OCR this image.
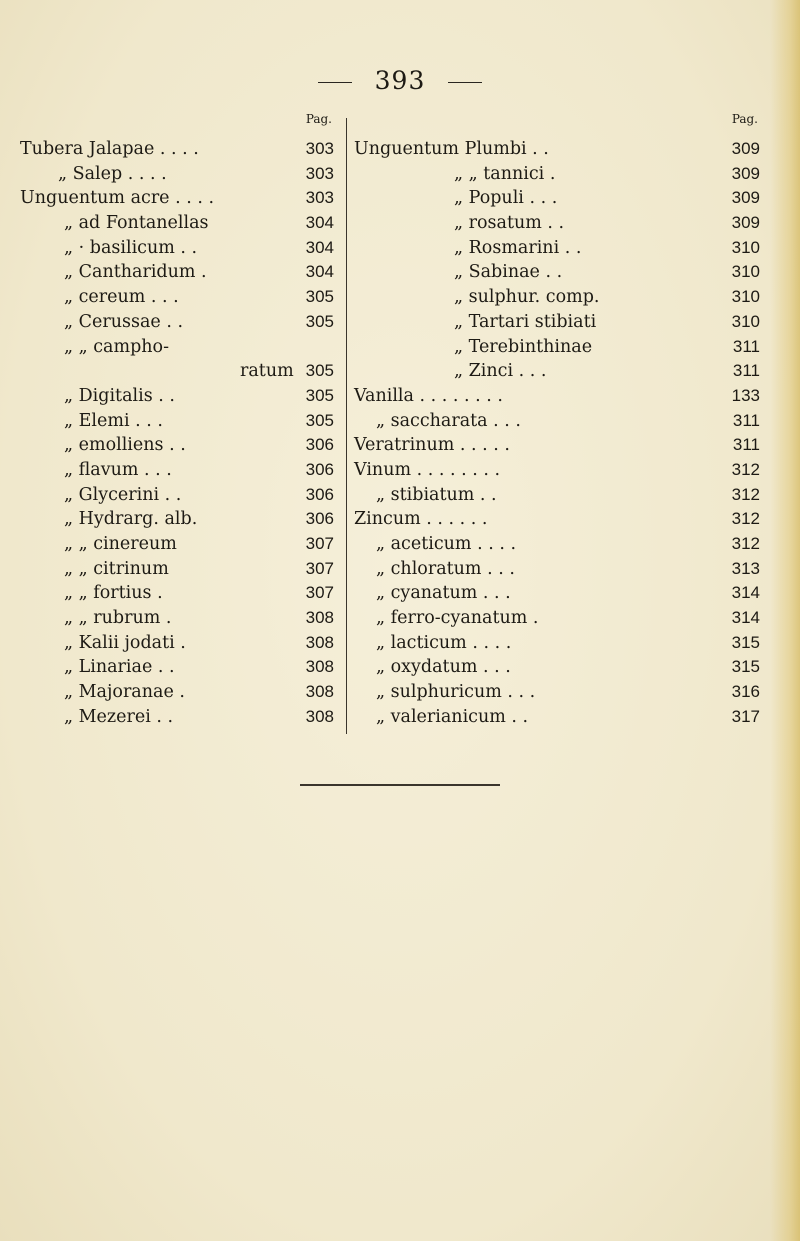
393
Pag.
Tubera Jalapae . . . .	303
„ Salep . . . .	303
Unguentum acre . . . .	303
„ ad Fontanellas	304
„ · basilicum . .	304
„ Cantharidum .	304
„ cereum . . .	305
„ Cerussae . .	305
„ „ campho-
ratum 305
„ Digitalis . .	305
„ Elemi . . .	305
„ emolliens . .	306
„ flavum . . .	306
„ Glycerini . .	306
„ Hydrarg. alb.	306
„ „ cinereum	307
„ „ citrinum	307
„ „ fortius .	307
„ „ rubrum .	308
„ Kalii jodati .	308
„ Linariae . .	308
„ Majoranae .	308
„ Mezerei . .	308
Pag.
Unguentum Plumbi . .	309
„ „ tannici .	309
„ Populi . . .	309
„ rosatum . .	309
„ Rosmarini . .	310
„ Sabinae . .	310
„ sulphur. comp.	310
„ Tartari stibiati	310
„ Terebinthinae	311
„ Zinci . . .	311
Vanilla . . . . . . . .	133
„ saccharata . . .	311
Veratrinum . . . . .	311
Vinum . . . . . . . .	312
„ stibiatum . .	312
Zincum . . . . . .	312
„ aceticum . . . .	312
„ chloratum . . .	313
„ cyanatum . . .	314
„ ferro-cyanatum .	314
„ lacticum . . . .	315
„ oxydatum . . .	315
„ sulphuricum . . .	316
„ valerianicum . .	317
